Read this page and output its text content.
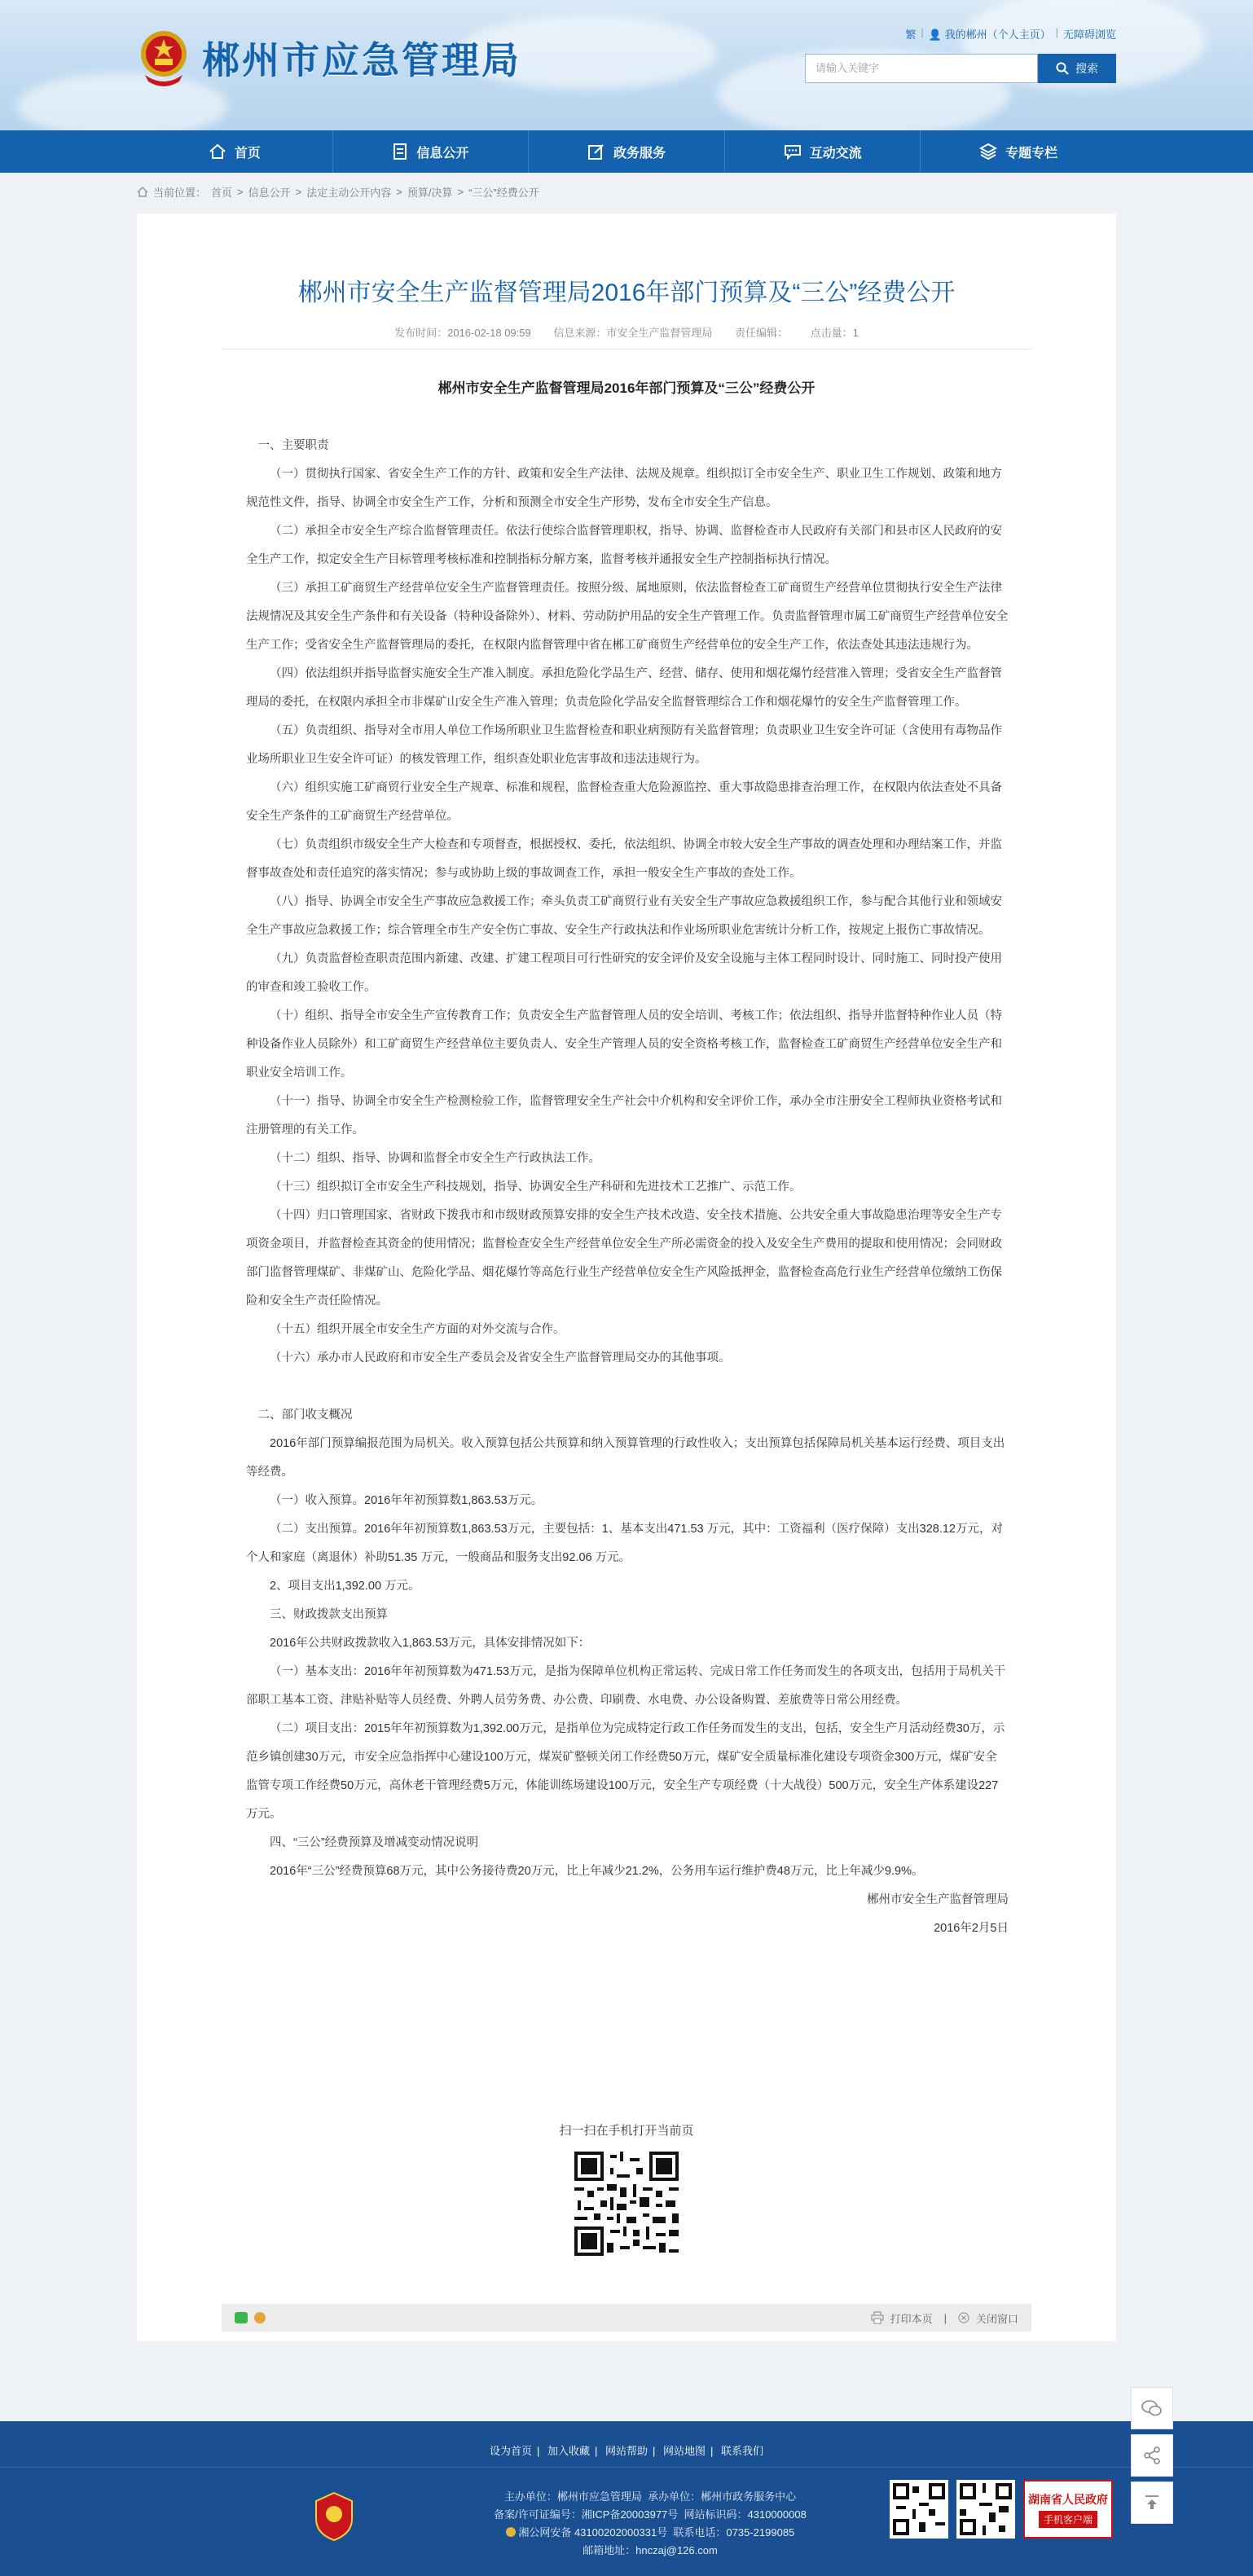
郴州市应急管理局
繁 | 👤 我的郴州（个人主页） | 无障碍浏览
请输入关键字	搜索
首页	信息公开	政务服务	互动交流	专题专栏
当前位置： 首页 > 信息公开 > 法定主动公开内容 > 预算/决算 > “三公”经费公开
郴州市安全生产监督管理局2016年部门预算及“三公”经费公开
发布时间：2016-02-18 09:59 信息来源：市安全生产监督管理局 责任编辑： 点击量：1
郴州市安全生产监督管理局2016年部门预算及“三公”经费公开

一、主要职责

（一）贯彻执行国家、省安全生产工作的方针、政策和安全生产法律、法规及规章。组织拟订全市安全生产、职业卫生工作规划、政策和地方规范性文件，指导、协调全市安全生产工作，分析和预测全市安全生产形势，发布全市安全生产信息。

（二）承担全市安全生产综合监督管理责任。依法行使综合监督管理职权，指导、协调、监督检查市人民政府有关部门和县市区人民政府的安全生产工作，拟定安全生产目标管理考核标准和控制指标分解方案，监督考核并通报安全生产控制指标执行情况。

（三）承担工矿商贸生产经营单位安全生产监督管理责任。按照分级、属地原则，依法监督检查工矿商贸生产经营单位贯彻执行安全生产法律法规情况及其安全生产条件和有关设备（特种设备除外）、材料、劳动防护用品的安全生产管理工作。负责监督管理市属工矿商贸生产经营单位安全生产工作；受省安全生产监督管理局的委托，在权限内监督管理中省在郴工矿商贸生产经营单位的安全生产工作，依法查处其违法违规行为。

（四）依法组织并指导监督实施安全生产准入制度。承担危险化学品生产、经营、储存、使用和烟花爆竹经营准入管理；受省安全生产监督管理局的委托，在权限内承担全市非煤矿山安全生产准入管理；负责危险化学品安全监督管理综合工作和烟花爆竹的安全生产监督管理工作。

（五）负责组织、指导对全市用人单位工作场所职业卫生监督检查和职业病预防有关监督管理；负责职业卫生安全许可证（含使用有毒物品作业场所职业卫生安全许可证）的核发管理工作，组织查处职业危害事故和违法违规行为。

（六）组织实施工矿商贸行业安全生产规章、标准和规程，监督检查重大危险源监控、重大事故隐患排查治理工作，在权限内依法查处不具备安全生产条件的工矿商贸生产经营单位。

（七）负责组织市级安全生产大检查和专项督查，根据授权、委托，依法组织、协调全市较大安全生产事故的调查处理和办理结案工作，并监督事故查处和责任追究的落实情况；参与或协助上级的事故调查工作，承担一般安全生产事故的查处工作。

（八）指导、协调全市安全生产事故应急救援工作；牵头负责工矿商贸行业有关安全生产事故应急救援组织工作，参与配合其他行业和领域安全生产事故应急救援工作；综合管理全市生产安全伤亡事故、安全生产行政执法和作业场所职业危害统计分析工作，按规定上报伤亡事故情况。

（九）负责监督检查职责范围内新建、改建、扩建工程项目可行性研究的安全评价及安全设施与主体工程同时设计、同时施工、同时投产使用的审查和竣工验收工作。

（十）组织、指导全市安全生产宣传教育工作；负责安全生产监督管理人员的安全培训、考核工作；依法组织、指导并监督特种作业人员（特种设备作业人员除外）和工矿商贸生产经营单位主要负责人、安全生产管理人员的安全资格考核工作，监督检查工矿商贸生产经营单位安全生产和职业安全培训工作。

（十一）指导、协调全市安全生产检测检验工作，监督管理安全生产社会中介机构和安全评价工作，承办全市注册安全工程师执业资格考试和注册管理的有关工作。

（十二）组织、指导、协调和监督全市安全生产行政执法工作。

（十三）组织拟订全市安全生产科技规划，指导、协调安全生产科研和先进技术工艺推广、示范工作。

（十四）归口管理国家、省财政下拨我市和市级财政预算安排的安全生产技术改造、安全技术措施、公共安全重大事故隐患治理等安全生产专项资金项目，并监督检查其资金的使用情况；监督检查安全生产经营单位安全生产所必需资金的投入及安全生产费用的提取和使用情况；会同财政部门监督管理煤矿、非煤矿山、危险化学品、烟花爆竹等高危行业生产经营单位安全生产风险抵押金，监督检查高危行业生产经营单位缴纳工伤保险和安全生产责任险情况。

（十五）组织开展全市安全生产方面的对外交流与合作。

（十六）承办市人民政府和市安全生产委员会及省安全生产监督管理局交办的其他事项。

二、部门收支概况

2016年部门预算编报范围为局机关。收入预算包括公共预算和纳入预算管理的行政性收入；支出预算包括保障局机关基本运行经费、项目支出等经费。

（一）收入预算。2016年年初预算数1,863.53万元。

（二）支出预算。2016年年初预算数1,863.53万元，主要包括：1、基本支出471.53 万元，其中：工资福利（医疗保障）支出328.12万元，对个人和家庭（离退休）补助51.35 万元，一般商品和服务支出92.06 万元。

2、项目支出1,392.00 万元。

三、财政拨款支出预算

2016年公共财政拨款收入1,863.53万元，具体安排情况如下：

（一）基本支出：2016年年初预算数为471.53万元，是指为保障单位机构正常运转、完成日常工作任务而发生的各项支出，包括用于局机关干部职工基本工资、津贴补贴等人员经费、外聘人员劳务费、办公费、印刷费、水电费、办公设备购置、差旅费等日常公用经费。

（二）项目支出：2015年年初预算数为1,392.00万元，是指单位为完成特定行政工作任务而发生的支出，包括，安全生产月活动经费30万，示范乡镇创建30万元，市安全应急指挥中心建设100万元，煤炭矿整顿关闭工作经费50万元，煤矿安全质量标准化建设专项资金300万元，煤矿安全监管专项工作经费50万元，高休老干管理经费5万元，体能训练场建设100万元，安全生产专项经费（十大战役）500万元，安全生产体系建设227万元。

四、“三公”经费预算及增减变动情况说明

2016年“三公”经费预算68万元，其中公务接待费20万元，比上年减少21.2%，公务用车运行维护费48万元，比上年减少9.9%。

郴州市安全生产监督管理局

2016年2月5日

扫一扫在手机打开当前页
打印本页 |	关闭窗口
设为首页 | 加入收藏 | 网站帮助 | 网站地图 | 联系我们
主办单位：郴州市应急管理局 承办单位：郴州市政务服务中心
备案/许可证编号：湘ICP备20003977号 网站标识码：4310000008
湘公网安备 43100202000331号 联系电话：0735-2199085
邮箱地址：hnczaj@126.com
湖南省人民政府
手机客户端
